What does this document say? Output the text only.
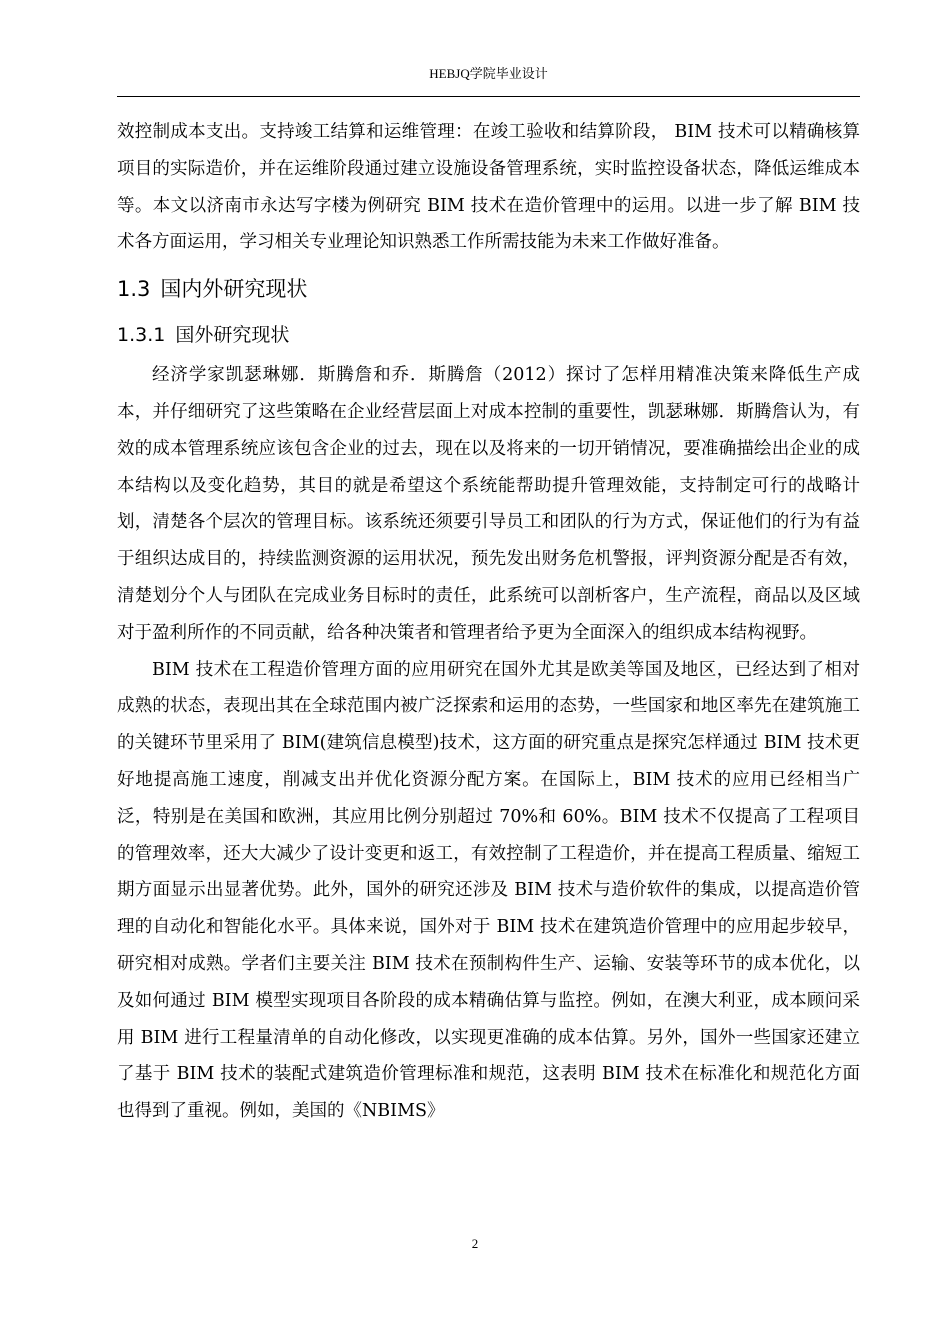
HEBJQ学院毕业设计

效控制成本支出。支持竣工结算和运维管理：在竣工验收和结算阶段， BIM 技术可以精确核算项目的实际造价，并在运维阶段通过建立设施设备管理系统，实时监控设备状态，降低运维成本等。本文以济南市永达写字楼为例研究 BIM 技术在造价管理中的运用。以进一步了解 BIM 技术各方面运用，学习相关专业理论知识熟悉工作所需技能为未来工作做好准备。

1.3 国内外研究现状
1.3.1 国外研究现状

经济学家凯瑟琳娜．斯腾詹和乔．斯腾詹（2012）探讨了怎样用精准决策来降低生产成本，并仔细研究了这些策略在企业经营层面上对成本控制的重要性，凯瑟琳娜．斯腾詹认为，有效的成本管理系统应该包含企业的过去，现在以及将来的一切开销情况，要准确描绘出企业的成本结构以及变化趋势，其目的就是希望这个系统能帮助提升管理效能，支持制定可行的战略计划，清楚各个层次的管理目标。该系统还须要引导员工和团队的行为方式，保证他们的行为有益于组织达成目的，持续监测资源的运用状况，预先发出财务危机警报，评判资源分配是否有效，清楚划分个人与团队在完成业务目标时的责任，此系统可以剖析客户，生产流程，商品以及区域对于盈利所作的不同贡献，给各种决策者和管理者给予更为全面深入的组织成本结构视野。

BIM 技术在工程造价管理方面的应用研究在国外尤其是欧美等国及地区，已经达到了相对成熟的状态，表现出其在全球范围内被广泛探索和运用的态势，一些国家和地区率先在建筑施工的关键环节里采用了 BIM(建筑信息模型)技术，这方面的研究重点是探究怎样通过 BIM 技术更好地提高施工速度，削减支出并优化资源分配方案。在国际上，BIM 技术的应用已经相当广泛，特别是在美国和欧洲，其应用比例分别超过 70%和 60%。BIM 技术不仅提高了工程项目的管理效率，还大大减少了设计变更和返工，有效控制了工程造价，并在提高工程质量、缩短工期方面显示出显著优势。此外，国外的研究还涉及 BIM 技术与造价软件的集成，以提高造价管理的自动化和智能化水平。具体来说，国外对于 BIM 技术在建筑造价管理中的应用起步较早，研究相对成熟。学者们主要关注 BIM 技术在预制构件生产、运输、安装等环节的成本优化，以及如何通过 BIM 模型实现项目各阶段的成本精确估算与监控。例如，在澳大利亚，成本顾问采用 BIM 进行工程量清单的自动化修改，以实现更准确的成本估算。另外，国外一些国家还建立了基于 BIM 技术的装配式建筑造价管理标准和规范，这表明 BIM 技术在标准化和规范化方面也得到了重视。例如，美国的《NBIMS》

2
